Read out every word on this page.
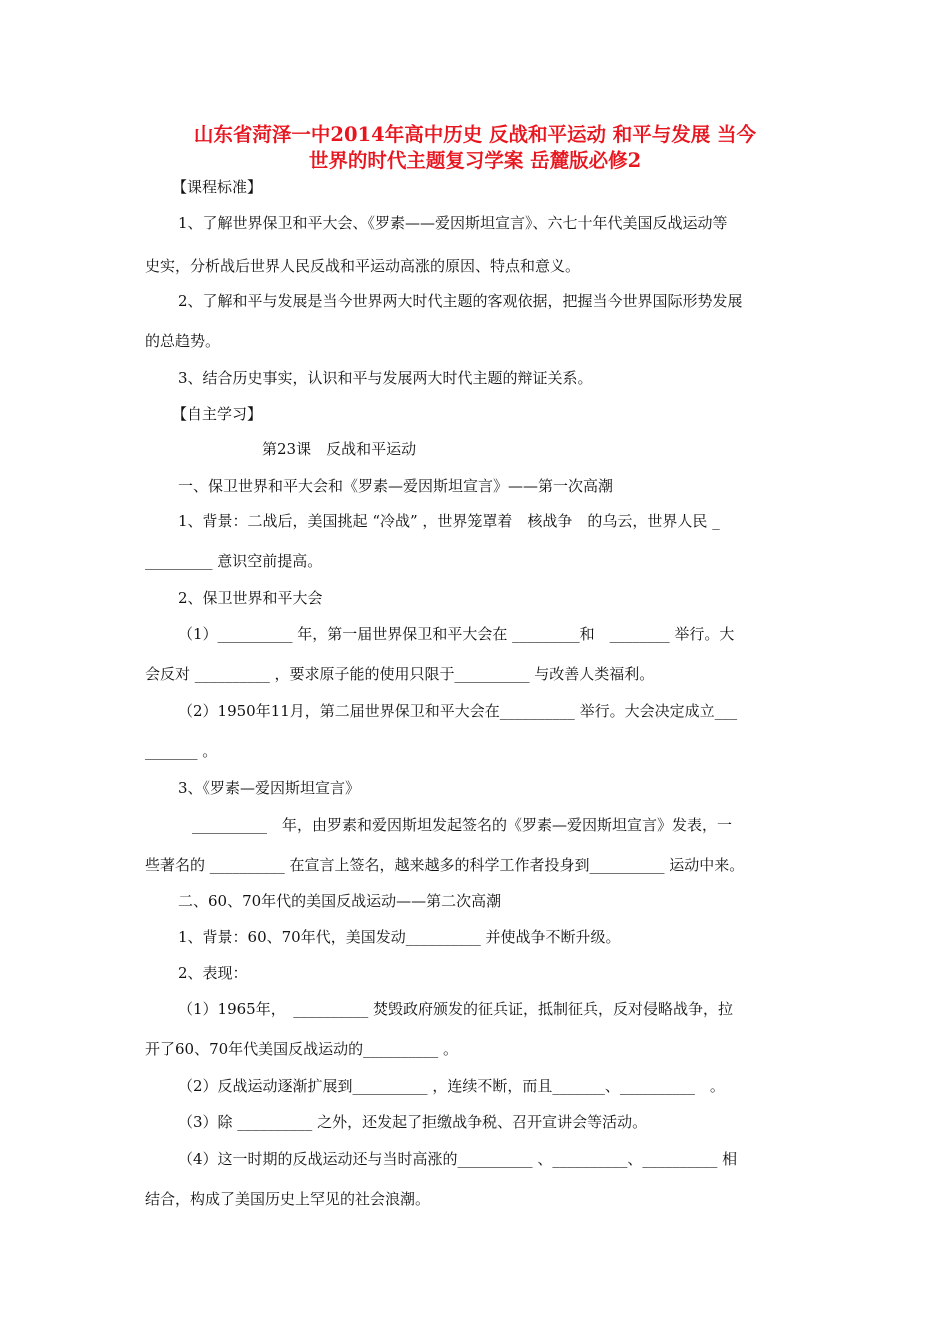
山东省菏泽一中2014年高中历史 反战和平运动 和平与发展 当今
世界的时代主题复习学案 岳麓版必修2
【课程标准】
1、了解世界保卫和平大会、《罗素——爱因斯坦宣言》、六七十年代美国反战运动等
史实，分析战后世界人民反战和平运动高涨的原因、特点和意义。
2、了解和平与发展是当今世界两大时代主题的客观依据，把握当今世界国际形势发展
的总趋势。
3、结合历史事实，认识和平与发展两大时代主题的辩证关系。
【自主学习】
第23课　反战和平运动
一、保卫世界和平大会和《罗素—爱因斯坦宣言》——第一次高潮
1、背景：二战后，美国挑起 “冷战” ，世界笼罩着　核战争　的乌云，世界人民 _
_________ 意识空前提高。
2、保卫世界和平大会
（1）__________ 年，第一届世界保卫和平大会在 _________和　________ 举行。大
会反对 __________ ，要求原子能的使用只限于__________ 与改善人类福利。
（2）1950年11月，第二届世界保卫和平大会在__________ 举行。大会决定成立___
_______ 。
3、《罗素—爱因斯坦宣言》
__________　年，由罗素和爱因斯坦发起签名的《罗素—爱因斯坦宣言》发表，一
些著名的 __________ 在宣言上签名，越来越多的科学工作者投身到__________ 运动中来。
二、60、70年代的美国反战运动——第二次高潮
1、背景：60、70年代，美国发动__________ 并使战争不断升级。
2、表现：
（1）1965年，　__________ 焚毁政府颁发的征兵证，抵制征兵，反对侵略战争，拉
开了60、70年代美国反战运动的__________ 。
（2）反战运动逐渐扩展到__________ ，连续不断，而且_______、__________　。
（3）除 __________ 之外，还发起了拒缴战争税、召开宣讲会等活动。
（4）这一时期的反战运动还与当时高涨的__________ 、__________、__________ 相
结合，构成了美国历史上罕见的社会浪潮。
